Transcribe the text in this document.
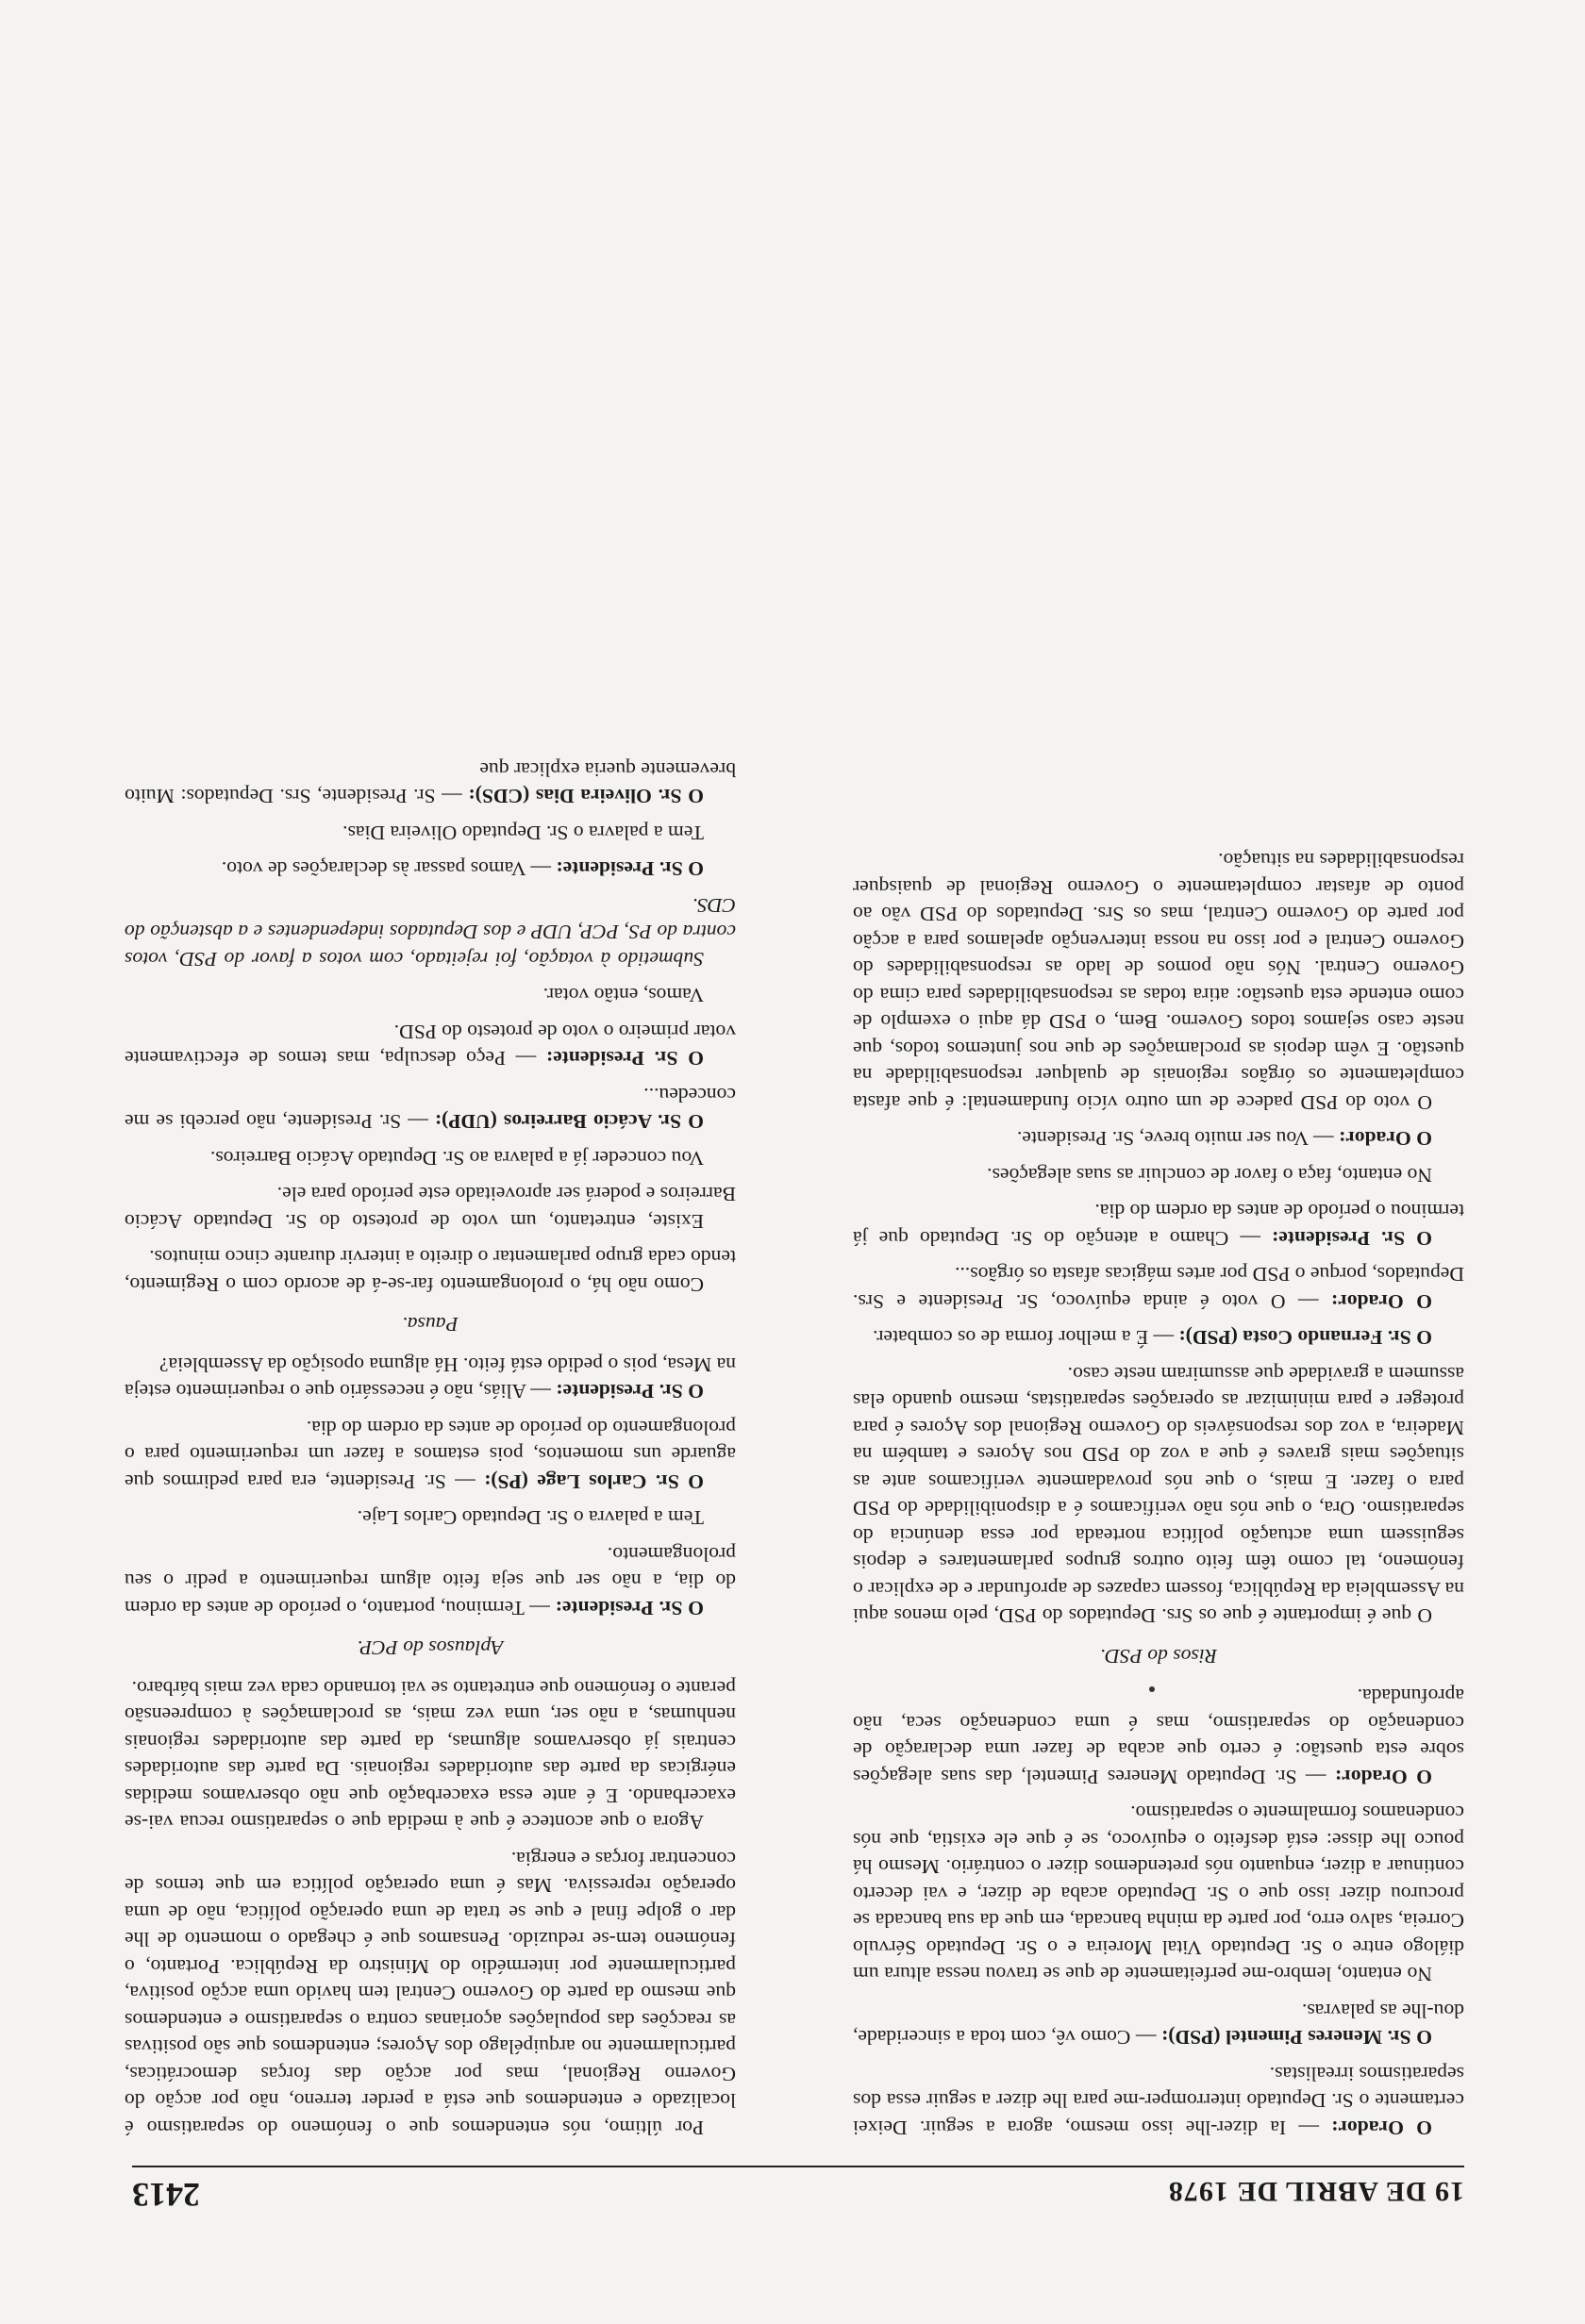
19 DE ABRIL DE 1978
2413

O Orador: — Ia dizer-lhe isso mesmo, agora a seguir. Deixei certamente o Sr. Deputado interromper-me para lhe dizer a seguir essa dos separatismos irrealistas.

O Sr. Meneres Pimentel (PSD): — Como vê, com toda a sinceridade, dou-lhe as palavras.

No entanto, lembro-me perfeitamente de que se travou nessa altura um diálogo entre o Sr. Deputado Vital Moreira e o Sr. Deputado Sérvulo Correia, salvo erro, por parte da minha bancada, em que da sua bancada se procurou dizer isso que o Sr. Deputado acaba de dizer, e vai decerto continuar a dizer, enquanto nós pretendemos dizer o contrário. Mesmo há pouco lhe disse: está desfeito o equívoco, se é que ele existia, que nós condenamos formalmente o separatismo.

O Orador: — Sr. Deputado Meneres Pimentel, das suas alegações sobre esta questão: é certo que acaba de fazer uma declaração de condenação do separatismo, mas é uma condenação seca, não aprofundada.

Risos do PSD.

O que é importante é que os Srs. Deputados do PSD, pelo menos aqui na Assembleia da República, fossem capazes de aprofundar e de explicar o fenómeno, tal como têm feito outros grupos parlamentares e depois seguissem uma actuação política norteada por essa denúncia do separatismo. Ora, o que nós não verificamos é a disponibilidade do PSD para o fazer. E mais, o que nós provadamente verificamos ante as situações mais graves é que a voz do PSD nos Açores e também na Madeira, a voz dos responsáveis do Governo Regional dos Açores é para proteger e para minimizar as operações separatistas, mesmo quando elas assumem a gravidade que assumiram neste caso.

O Sr. Fernando Costa (PSD): — É a melhor forma de os combater.

O Orador: — O voto é ainda equívoco, Sr. Presidente e Srs. Deputados, porque o PSD por artes mágicas afasta os órgãos...

O Sr. Presidente: — Chamo a atenção do Sr. Deputado que já terminou o período de antes da ordem do dia.

No entanto, faça o favor de concluir as suas alegações.

O Orador: — Vou ser muito breve, Sr. Presidente.

O voto do PSD padece de um outro vício fundamental: é que afasta completamente os órgãos regionais de qualquer responsabilidade na questão. E vêm depois as proclamações de que nos juntemos todos, que neste caso sejamos todos Governo. Bem, o PSD dá aqui o exemplo de como entende esta questão: atira todas as responsabilidades para cima do Governo Central. Nós não pomos de lado as responsabilidades do Governo Central e por isso na nossa intervenção apelamos para a acção por parte do Governo Central, mas os Srs. Deputados do PSD vão ao ponto de afastar completamente o Governo Regional de quaisquer responsabilidades na situação.

Por último, nós entendemos que o fenómeno do separatismo é localizado e entendemos que está a perder terreno, não por acção do Governo Regional, mas por acção das forças democráticas, particularmente no arquipélago dos Açores; entendemos que são positivas as reacções das populações açorianas contra o separatismo e entendemos que mesmo da parte do Governo Central tem havido uma acção positiva, particularmente por intermédio do Ministro da República. Portanto, o fenómeno tem-se reduzido. Pensamos que é chegado o momento de lhe dar o golpe final e que se trata de uma operação política, não de uma operação repressiva. Mas é uma operação política em que temos de concentrar forças e energia.

Agora o que acontece é que à medida que o separatismo recua vai-se exacerbando. E é ante essa exacerbação que não observamos medidas enérgicas da parte das autoridades regionais. Da parte das autoridades centrais já observamos algumas, da parte das autoridades regionais nenhumas, a não ser, uma vez mais, as proclamações à compreensão perante o fenómeno que entretanto se vai tornando cada vez mais bárbaro.

Aplausos do PCP.

O Sr. Presidente: — Terminou, portanto, o período de antes da ordem do dia, a não ser que seja feito algum requerimento a pedir o seu prolongamento.

Tem a palavra o Sr. Deputado Carlos Laje.

O Sr. Carlos Lage (PS): — Sr. Presidente, era para pedirmos que aguarde uns momentos, pois estamos a fazer um requerimento para o prolongamento do período de antes da ordem do dia.

O Sr. Presidente: — Aliás, não é necessário que o requerimento esteja na Mesa, pois o pedido está feito. Há alguma oposição da Assembleia?

Pausa.

Como não há, o prolongamento far-se-á de acordo com o Regimento, tendo cada grupo parlamentar o direito a intervir durante cinco minutos.

Existe, entretanto, um voto de protesto do Sr. Deputado Acácio Barreiros e poderá ser aproveitado este período para ele.

Vou conceder já a palavra ao Sr. Deputado Acácio Barreiros.

O Sr. Acácio Barreiros (UDP): — Sr. Presidente, não percebi se me concedeu...

O Sr. Presidente: — Peço desculpa, mas temos de efectivamente votar primeiro o voto de protesto do PSD.

Vamos, então votar.

Submetido à votação, foi rejeitado, com votos a favor do PSD, votos contra do PS, PCP, UDP e dos Deputados independentes e a abstenção do CDS.

O Sr. Presidente: — Vamos passar às declarações de voto.

Tem a palavra o Sr. Deputado Oliveira Dias.

O Sr. Oliveira Dias (CDS): — Sr. Presidente, Srs. Deputados: Muito brevemente queria explicar que
